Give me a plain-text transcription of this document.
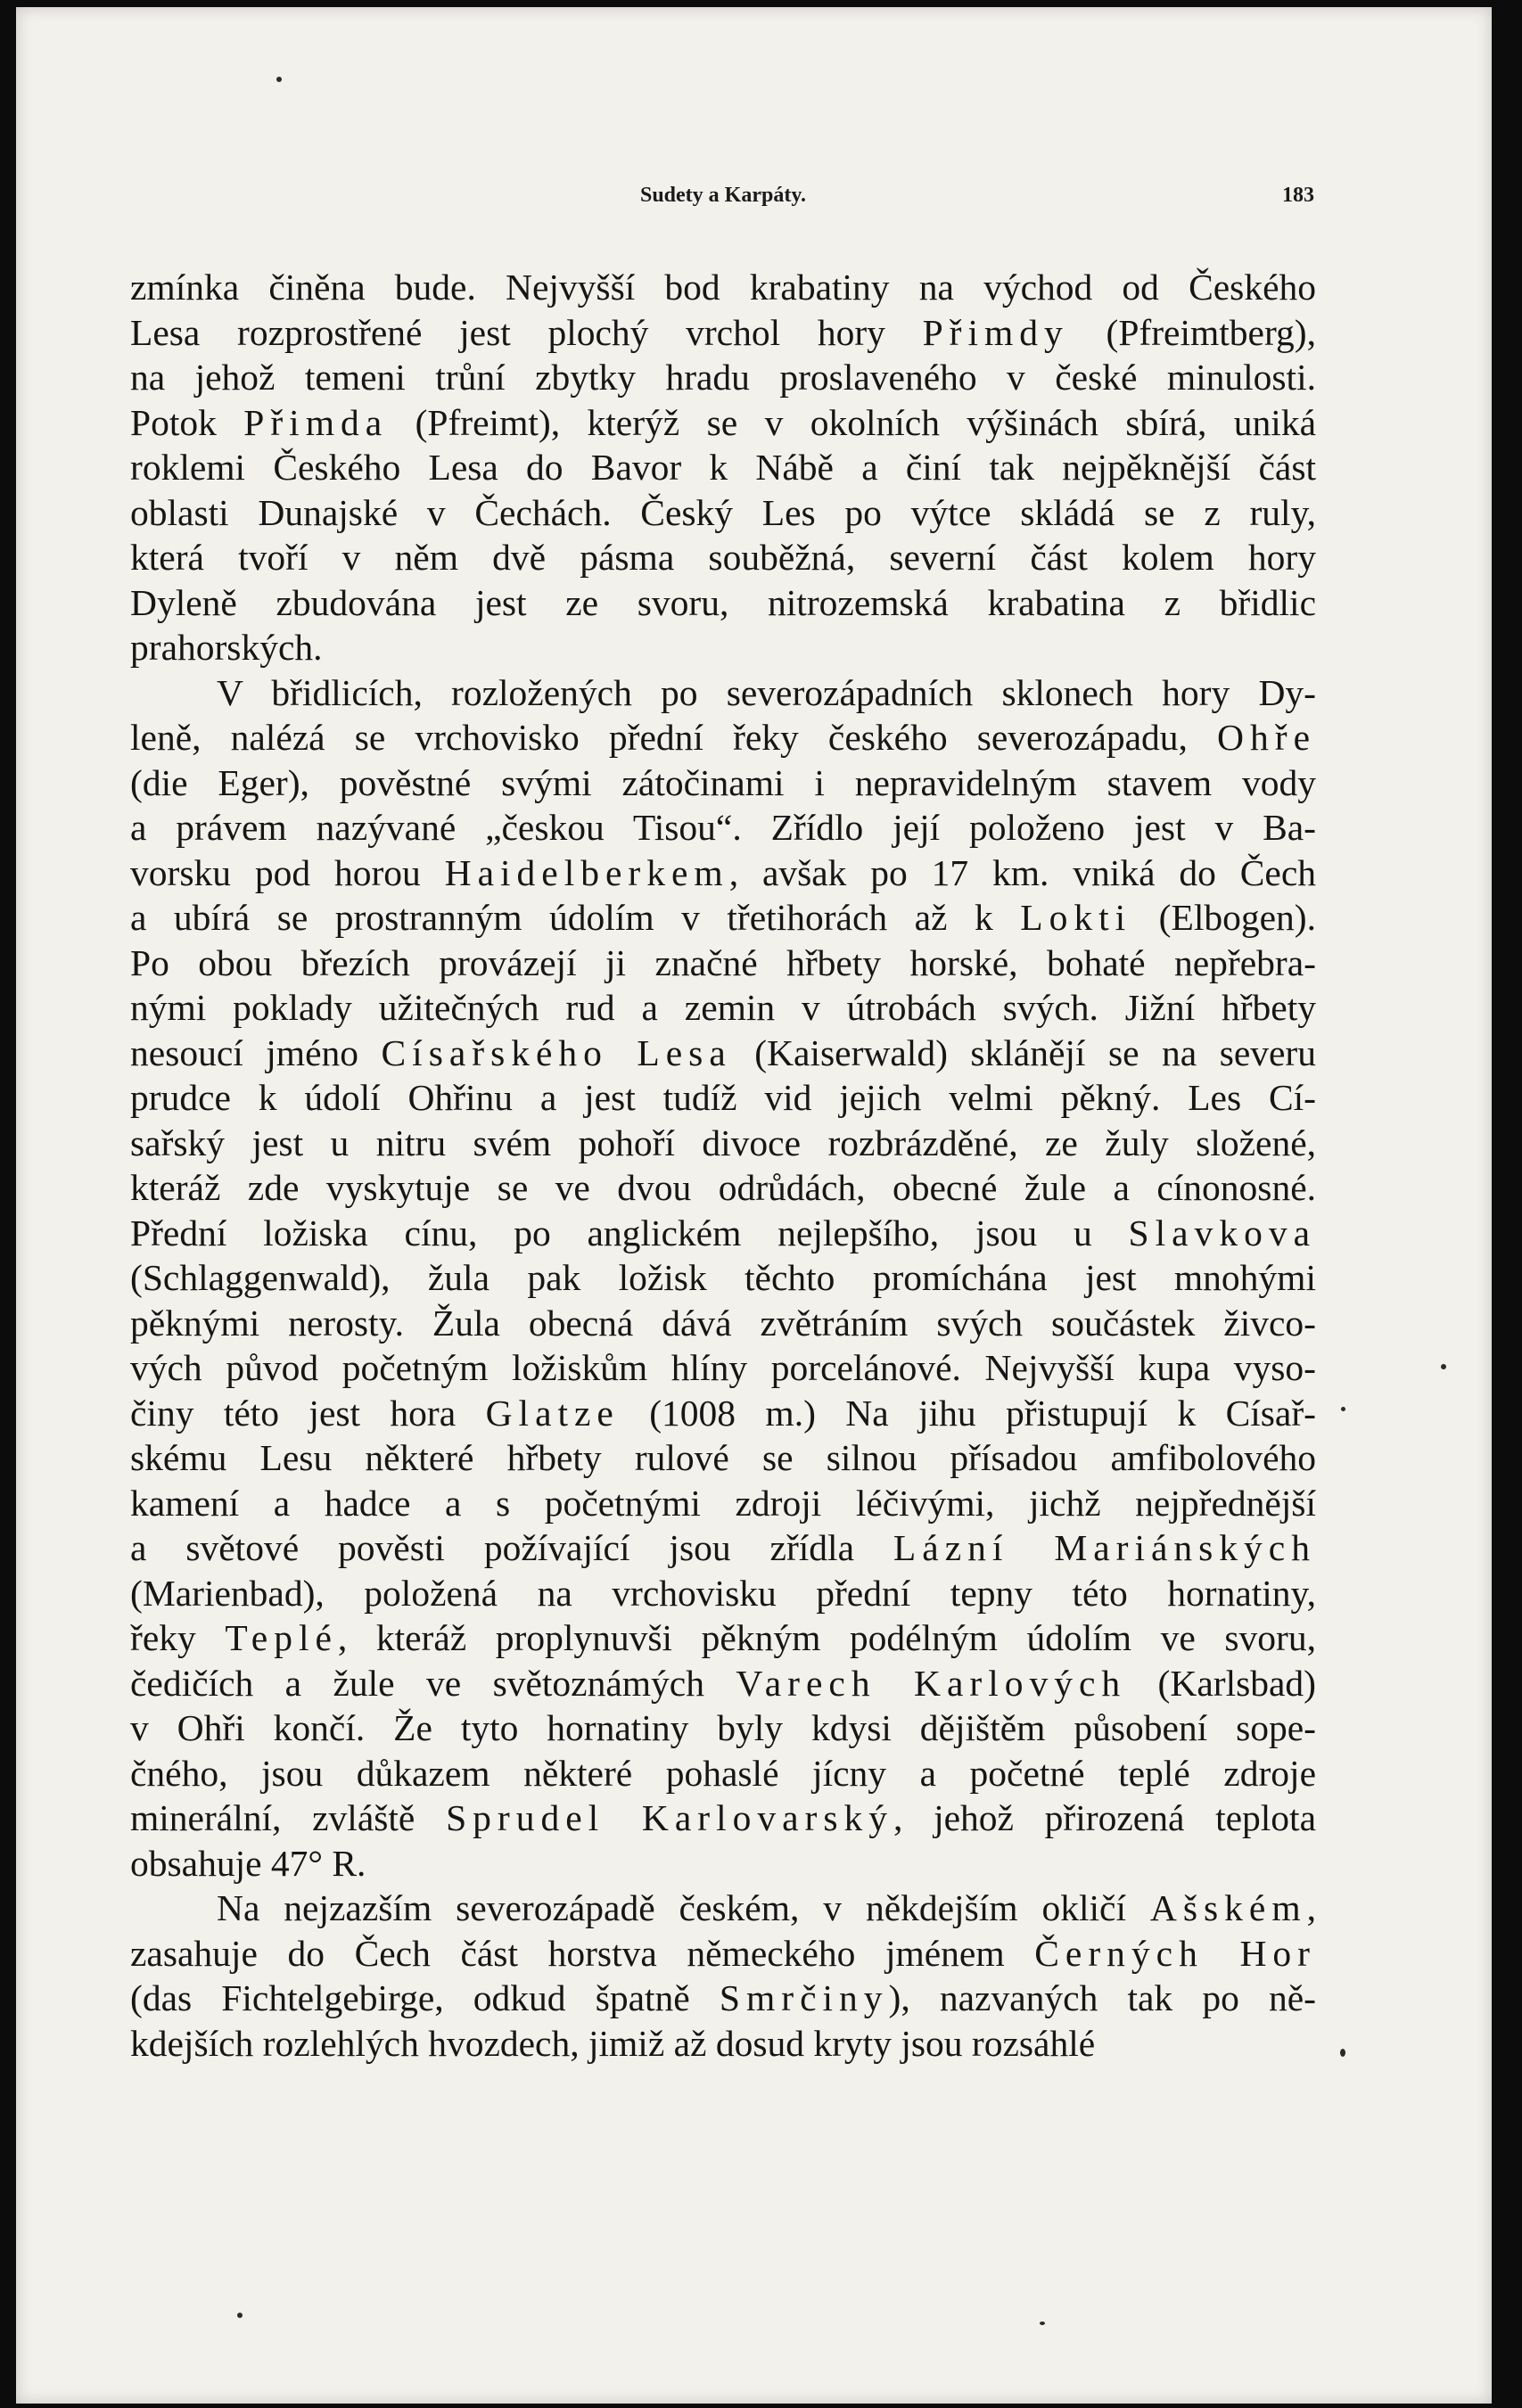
Sudety a Karpáty.	183
zmínka činěna bude. Nejvyšší bod krabatiny na východ od Českého
Lesa rozprostřené jest plochý vrchol hory Přimdy (Pfreimtberg),
na jehož temeni trůní zbytky hradu proslaveného v české minulosti.
Potok Přimda (Pfreimt), kterýž se v okolních výšinách sbírá, uniká
roklemi Českého Lesa do Bavor k Nábě a činí tak nejpěknější část
oblasti Dunajské v Čechách. Český Les po výtce skládá se z ruly,
která tvoří v něm dvě pásma souběžná, severní část kolem hory
Dyleně zbudována jest ze svoru, nitrozemská krabatina z břidlic
prahorských.
V břidlicích, rozložených po severozápadních sklonech hory Dy-
leně, nalézá se vrchovisko přední řeky českého severozápadu, Ohře
(die Eger), pověstné svými zátočinami i nepravidelným stavem vody
a právem nazývané „českou Tisou“. Zřídlo její položeno jest v Ba-
vorsku pod horou Haidelberkem, avšak po 17 km. vniká do Čech
a ubírá se prostranným údolím v třetihorách až k Lokti (Elbogen).
Po obou březích provázejí ji značné hřbety horské, bohaté nepřebra-
nými poklady užitečných rud a zemin v útrobách svých. Jižní hřbety
nesoucí jméno Císařského Lesa (Kaiserwald) sklánějí se na severu
prudce k údolí Ohřinu a jest tudíž vid jejich velmi pěkný. Les Cí-
sařský jest u nitru svém pohoří divoce rozbrázděné, ze žuly složené,
kteráž zde vyskytuje se ve dvou odrůdách, obecné žule a cínonosné.
Přední ložiska cínu, po anglickém nejlepšího, jsou u Slavkova
(Schlaggenwald), žula pak ložisk těchto promíchána jest mnohými
pěknými nerosty. Žula obecná dává zvětráním svých součástek živco-
vých původ početným ložiskům hlíny porcelánové. Nejvyšší kupa vyso-
činy této jest hora Glatze (1008 m.) Na jihu přistupují k Císař-
skému Lesu některé hřbety rulové se silnou přísadou amfibolového
kamení a hadce a s početnými zdroji léčivými, jichž nejpřednější
a světové pověsti požívající jsou zřídla Lázní Mariánských
(Marienbad), položená na vrchovisku přední tepny této hornatiny,
řeky Teplé, kteráž proplynuvši pěkným podélným údolím ve svoru,
čedičích a žule ve světoznámých Varech Karlových (Karlsbad)
v Ohři končí. Že tyto hornatiny byly kdysi dějištěm působení sope-
čného, jsou důkazem některé pohaslé jícny a početné teplé zdroje
minerální, zvláště Sprudel Karlovarský, jehož přirozená teplota
obsahuje 47° R.
Na nejzazším severozápadě českém, v někdejším okličí Ašském,
zasahuje do Čech část horstva německého jménem Černých Hor
(das Fichtelgebirge, odkud špatně Smrčiny), nazvaných tak po ně-
kdejších rozlehlých hvozdech, jimiž až dosud kryty jsou rozsáhlé
